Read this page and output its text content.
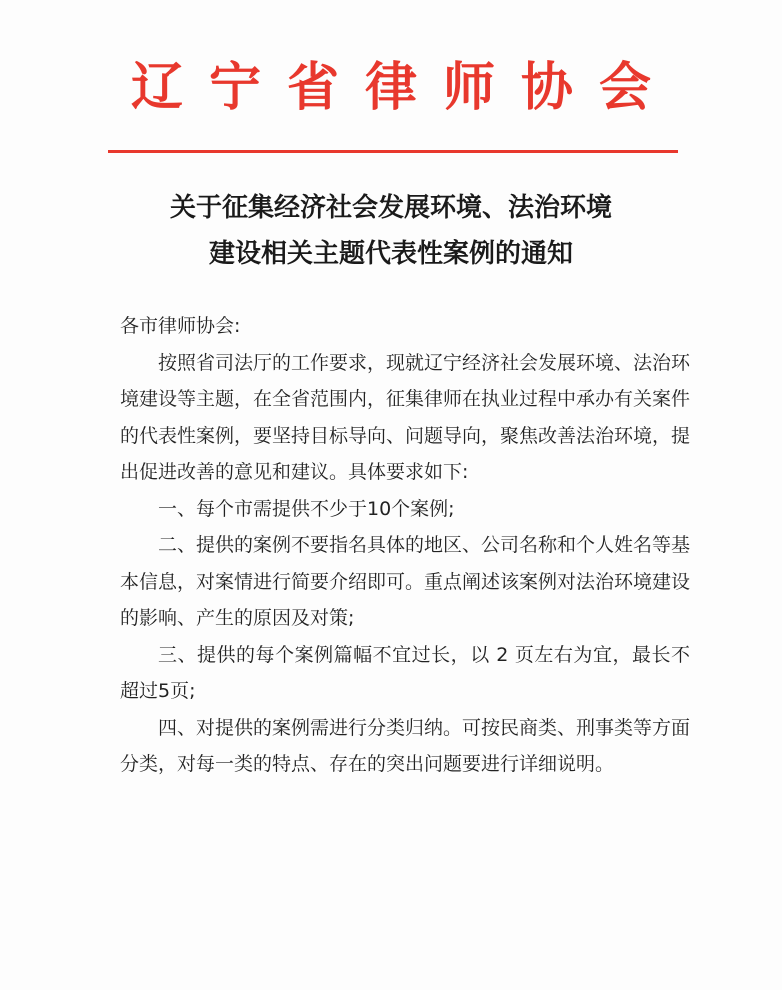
辽宁省律师协会
关于征集经济社会发展环境、法治环境
建设相关主题代表性案例的通知

各市律师协会:

按照省司法厅的工作要求，现就辽宁经济社会发展环境、法治环境建设等主题，在全省范围内，征集律师在执业过程中承办有关案件的代表性案例，要坚持目标导向、问题导向，聚焦改善法治环境，提出促进改善的意见和建议。具体要求如下:

一、每个市需提供不少于10个案例;

二、提供的案例不要指名具体的地区、公司名称和个人姓名等基本信息，对案情进行简要介绍即可。重点阐述该案例对法治环境建设的影响、产生的原因及对策;

三、提供的每个案例篇幅不宜过长，以 2 页左右为宜，最长不超过5页;

四、对提供的案例需进行分类归纳。可按民商类、刑事类等方面分类，对每一类的特点、存在的突出问题要进行详细说明。
